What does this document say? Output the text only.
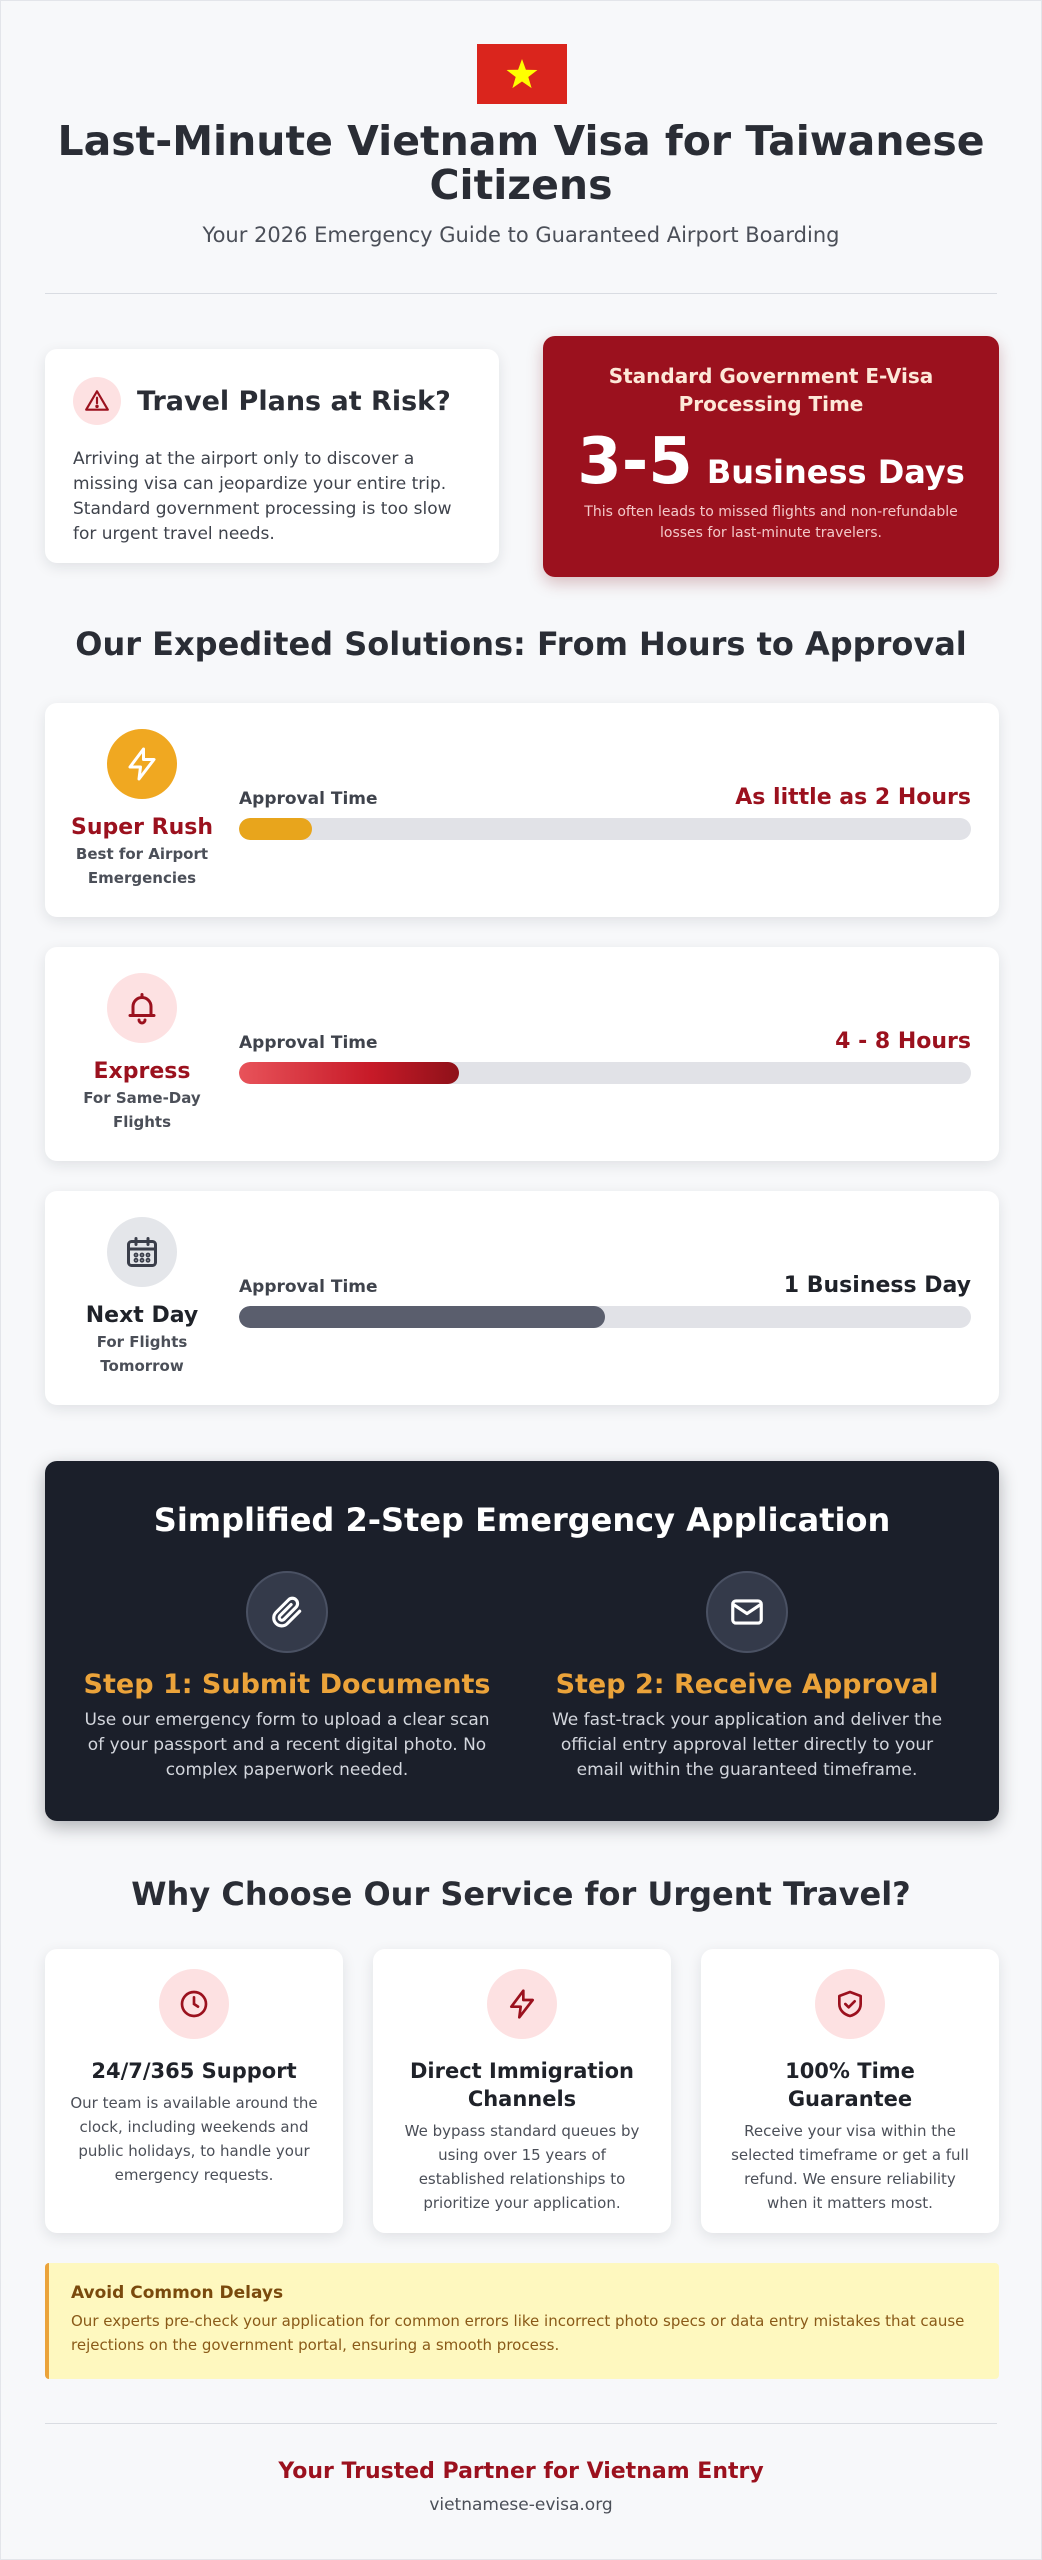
Last-Minute Vietnam Visa for Taiwanese Citizens
Your 2026 Emergency Guide to Guaranteed Airport Boarding
Travel Plans at Risk?

Arriving at the airport only to discover a missing visa can jeopardize your entire trip. Standard government processing is too slow for urgent travel needs.

Standard Government E-Visa Processing Time
3-5 Business Days
This often leads to missed flights and non-refundable losses for last-minute travelers.
Our Expedited Solutions: From Hours to Approval
Super Rush
Best for Airport Emergencies
Approval Time	As little as 2 Hours
Express
For Same-Day Flights
Approval Time	4 - 8 Hours
Next Day
For Flights Tomorrow
Approval Time	1 Business Day
Simplified 2-Step Emergency Application
Step 1: Submit Documents
Use our emergency form to upload a clear scan of your passport and a recent digital photo. No complex paperwork needed.
Step 2: Receive Approval
We fast-track your application and deliver the official entry approval letter directly to your email within the guaranteed timeframe.
Why Choose Our Service for Urgent Travel?
24/7/365 Support
Our team is available around the clock, including weekends and public holidays, to handle your emergency requests.
Direct Immigration Channels
We bypass standard queues by using over 15 years of established relationships to prioritize your application.
100% Time Guarantee
Receive your visa within the selected timeframe or get a full refund. We ensure reliability when it matters most.
Avoid Common Delays
Our experts pre-check your application for common errors like incorrect photo specs or data entry mistakes that cause rejections on the government portal, ensuring a smooth process.
Your Trusted Partner for Vietnam Entry
vietnamese-evisa.org
